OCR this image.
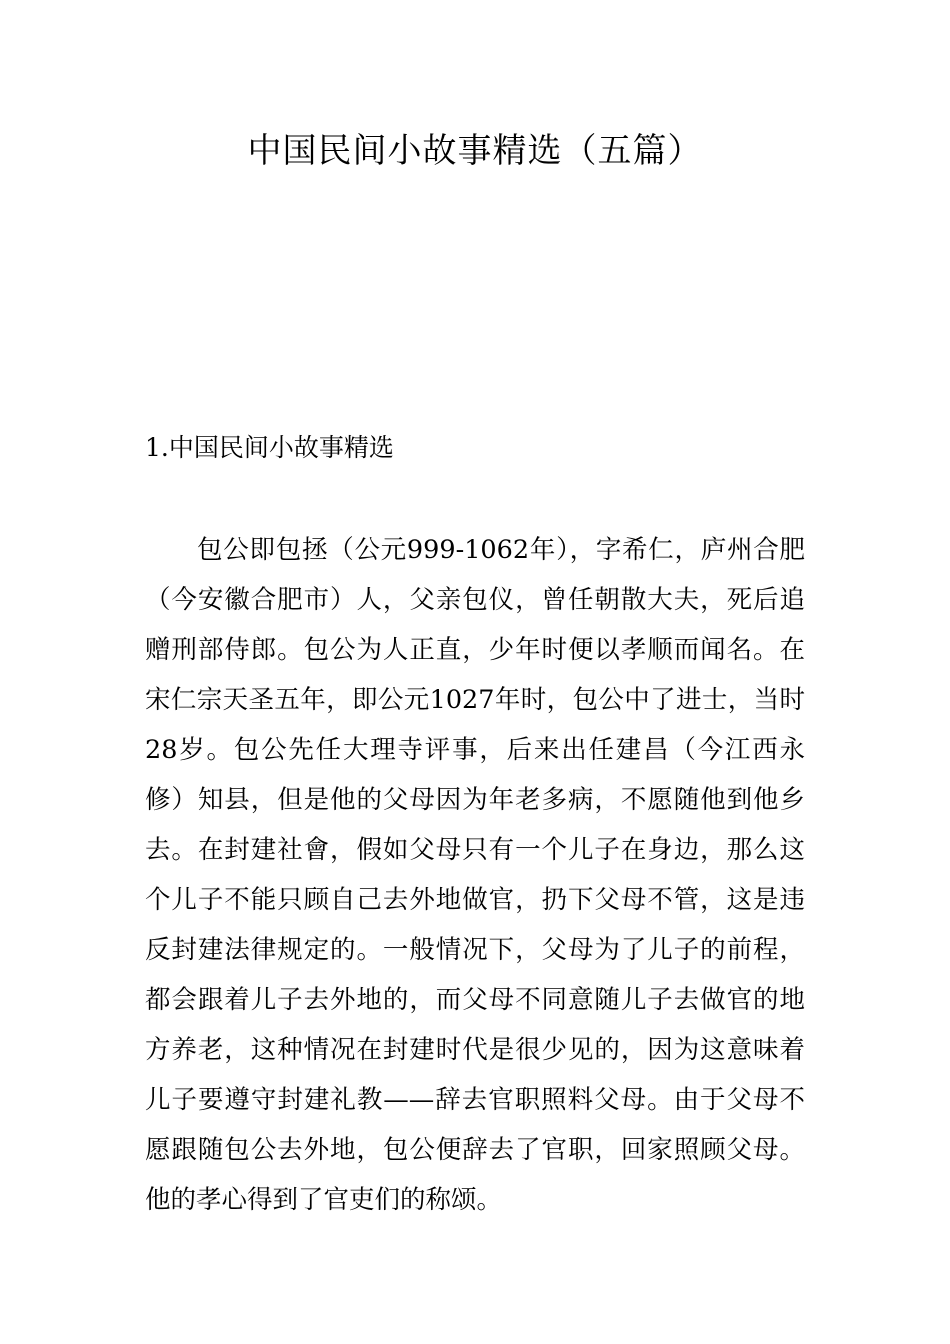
中国民间小故事精选（五篇）
1.中国民间小故事精选
包公即包拯（公元999-1062年），字希仁，庐州合肥
（今安徽合肥市）人，父亲包仪，曾任朝散大夫，死后追
赠刑部侍郎。包公为人正直，少年时便以孝顺而闻名。在
宋仁宗天圣五年，即公元1027年时，包公中了进士，当时
28岁。包公先任大理寺评事，后来出任建昌（今江西永
修）知县，但是他的父母因为年老多病，不愿随他到他乡
去。在封建社會，假如父母只有一个儿子在身边，那么这
个儿子不能只顾自己去外地做官，扔下父母不管，这是违
反封建法律规定的。一般情况下，父母为了儿子的前程，
都会跟着儿子去外地的，而父母不同意随儿子去做官的地
方养老，这种情况在封建时代是很少见的，因为这意味着
儿子要遵守封建礼教——辞去官职照料父母。由于父母不
愿跟随包公去外地，包公便辞去了官职，回家照顾父母。
他的孝心得到了官吏们的称颂。
